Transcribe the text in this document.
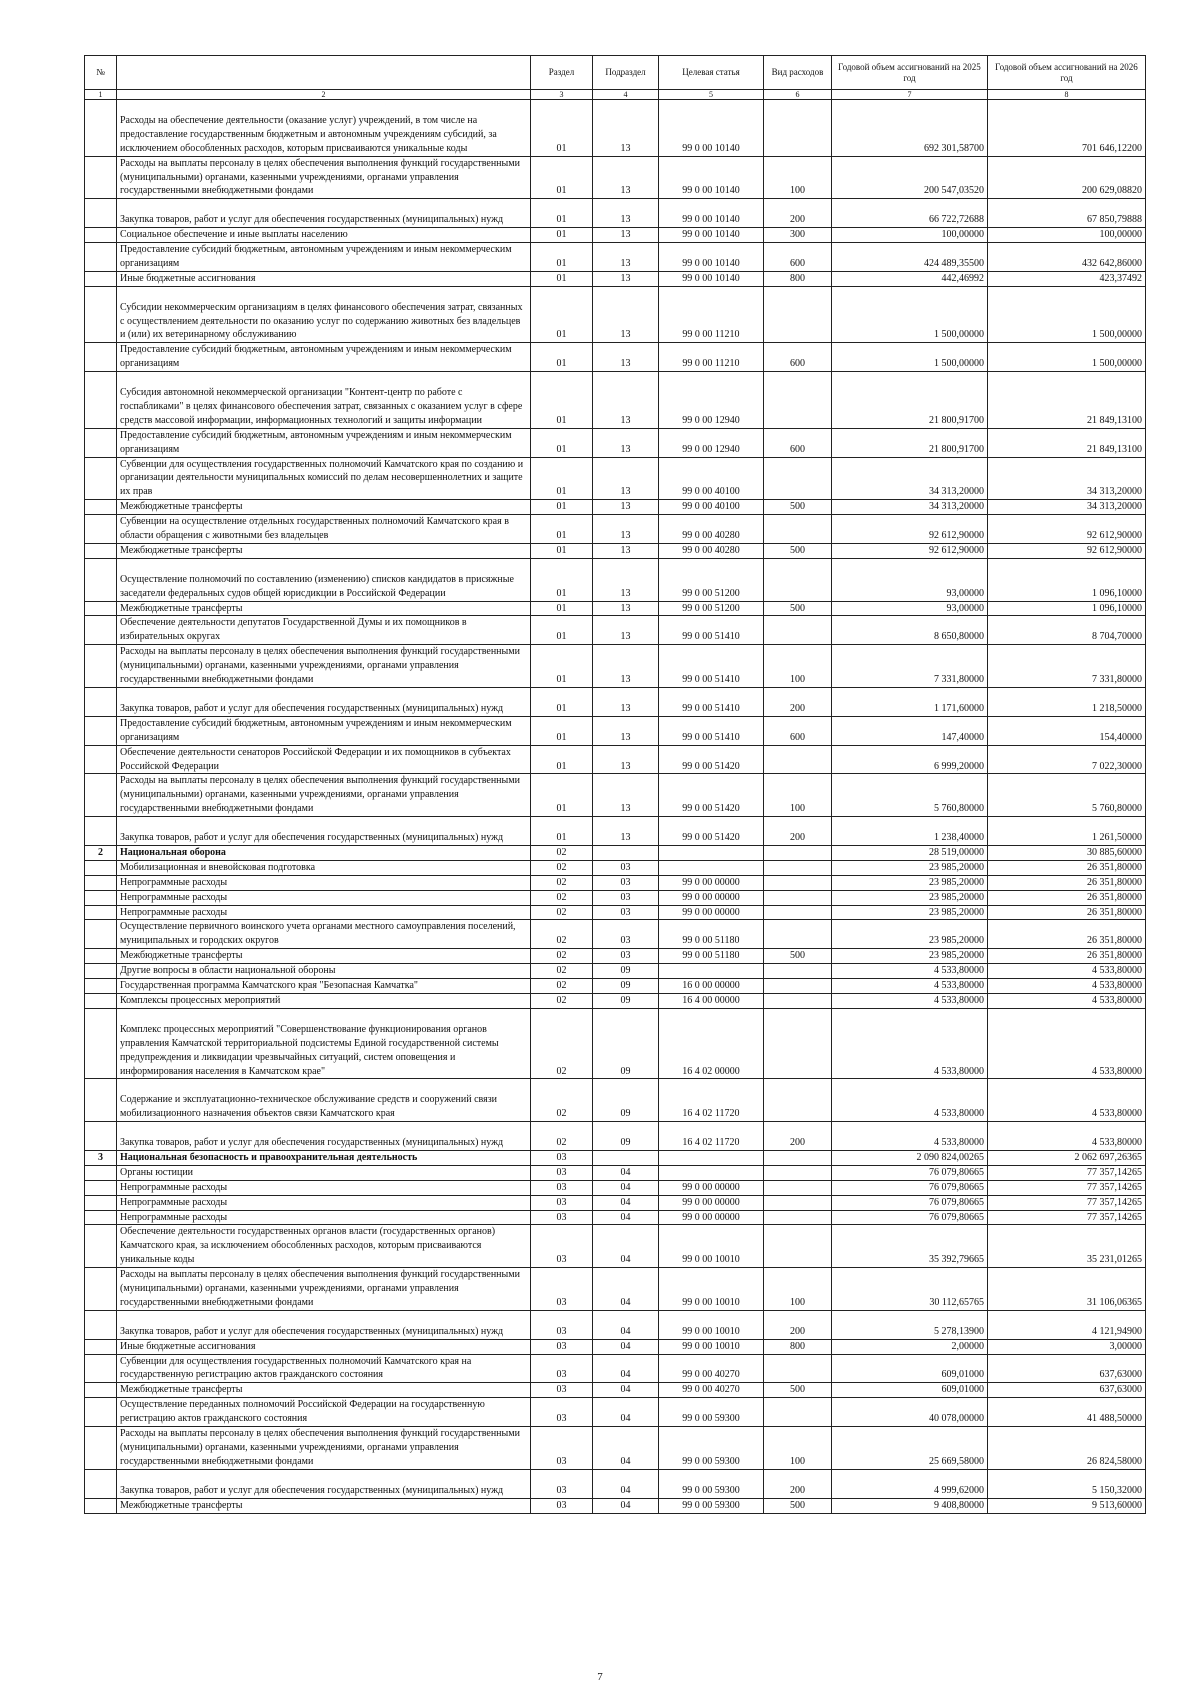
№		Раздел	Подраздел	Целевая статья	Вид расходов	Годовой объем ассигнований на 2025 год	Годовой объем ассигнований на 2026 год
1	2	3	4	5	6	7	8
	Расходы на обеспечение деятельности (оказание услуг) учреждений, в том числе на предоставление государственным бюджетным и автономным учреждениям субсидий, за исключением обособленных расходов, которым присваиваются уникальные коды	01	13	99 0 00 10140		692 301,58700	701 646,12200
	Расходы на выплаты персоналу в целях обеспечения выполнения функций государственными (муниципальными) органами, казенными учреждениями, органами управления государственными внебюджетными фондами	01	13	99 0 00 10140	100	200 547,03520	200 629,08820
	Закупка товаров, работ и услуг для обеспечения государственных (муниципальных) нужд	01	13	99 0 00 10140	200	66 722,72688	67 850,79888
	Социальное обеспечение и иные выплаты населению	01	13	99 0 00 10140	300	100,00000	100,00000
	Предоставление субсидий бюджетным, автономным учреждениям и иным некоммерческим организациям	01	13	99 0 00 10140	600	424 489,35500	432 642,86000
	Иные бюджетные ассигнования	01	13	99 0 00 10140	800	442,46992	423,37492
	Субсидии некоммерческим организациям в целях финансового обеспечения затрат, связанных с осуществлением деятельности по оказанию услуг по содержанию животных без владельцев и (или) их ветеринарному обслуживанию	01	13	99 0 00 11210		1 500,00000	1 500,00000
	Предоставление субсидий бюджетным, автономным учреждениям и иным некоммерческим организациям	01	13	99 0 00 11210	600	1 500,00000	1 500,00000
	Субсидия автономной некоммерческой организации "Контент-центр по работе с госпабликами" в целях финансового обеспечения затрат, связанных с оказанием услуг в сфере средств массовой информации, информационных технологий и защиты информации	01	13	99 0 00 12940		21 800,91700	21 849,13100
	Предоставление субсидий бюджетным, автономным учреждениям и иным некоммерческим организациям	01	13	99 0 00 12940	600	21 800,91700	21 849,13100
	Субвенции для осуществления государственных полномочий Камчатского края по созданию и организации деятельности муниципальных комиссий по делам несовершеннолетних и защите их прав	01	13	99 0 00 40100		34 313,20000	34 313,20000
	Межбюджетные трансферты	01	13	99 0 00 40100	500	34 313,20000	34 313,20000
	Субвенции на осуществление отдельных государственных полномочий Камчатского края в области обращения с животными без владельцев	01	13	99 0 00 40280		92 612,90000	92 612,90000
	Межбюджетные трансферты	01	13	99 0 00 40280	500	92 612,90000	92 612,90000
	Осуществление полномочий по составлению (изменению) списков кандидатов в присяжные заседатели федеральных судов общей юрисдикции в Российской Федерации	01	13	99 0 00 51200		93,00000	1 096,10000
	Межбюджетные трансферты	01	13	99 0 00 51200	500	93,00000	1 096,10000
	Обеспечение деятельности депутатов Государственной Думы и их помощников в избирательных округах	01	13	99 0 00 51410		8 650,80000	8 704,70000
	Расходы на выплаты персоналу в целях обеспечения выполнения функций государственными (муниципальными) органами, казенными учреждениями, органами управления государственными внебюджетными фондами	01	13	99 0 00 51410	100	7 331,80000	7 331,80000
	Закупка товаров, работ и услуг для обеспечения государственных (муниципальных) нужд	01	13	99 0 00 51410	200	1 171,60000	1 218,50000
	Предоставление субсидий бюджетным, автономным учреждениям и иным некоммерческим организациям	01	13	99 0 00 51410	600	147,40000	154,40000
	Обеспечение деятельности сенаторов Российской Федерации и их помощников в субъектах Российской Федерации	01	13	99 0 00 51420		6 999,20000	7 022,30000
	Расходы на выплаты персоналу в целях обеспечения выполнения функций государственными (муниципальными) органами, казенными учреждениями, органами управления государственными внебюджетными фондами	01	13	99 0 00 51420	100	5 760,80000	5 760,80000
	Закупка товаров, работ и услуг для обеспечения государственных (муниципальных) нужд	01	13	99 0 00 51420	200	1 238,40000	1 261,50000
2	Национальная оборона	02				28 519,00000	30 885,60000
	Мобилизационная и вневойсковая подготовка	02	03			23 985,20000	26 351,80000
	Непрограммные расходы	02	03	99 0 00 00000		23 985,20000	26 351,80000
	Непрограммные расходы	02	03	99 0 00 00000		23 985,20000	26 351,80000
	Непрограммные расходы	02	03	99 0 00 00000		23 985,20000	26 351,80000
	Осуществление первичного воинского учета органами местного самоуправления поселений, муниципальных и городских округов	02	03	99 0 00 51180		23 985,20000	26 351,80000
	Межбюджетные трансферты	02	03	99 0 00 51180	500	23 985,20000	26 351,80000
	Другие вопросы в области национальной обороны	02	09			4 533,80000	4 533,80000
	Государственная программа Камчатского края "Безопасная Камчатка"	02	09	16 0 00 00000		4 533,80000	4 533,80000
	Комплексы процессных мероприятий	02	09	16 4 00 00000		4 533,80000	4 533,80000
	Комплекс процессных мероприятий "Совершенствование функционирования органов управления Камчатской территориальной подсистемы Единой государственной системы предупреждения и ликвидации чрезвычайных ситуаций, систем оповещения и информирования населения в Камчатском крае"	02	09	16 4 02 00000		4 533,80000	4 533,80000
	Содержание и эксплуатационно-техническое обслуживание средств и сооружений связи мобилизационного назначения объектов связи Камчатского края	02	09	16 4 02 11720		4 533,80000	4 533,80000
	Закупка товаров, работ и услуг для обеспечения государственных (муниципальных) нужд	02	09	16 4 02 11720	200	4 533,80000	4 533,80000
3	Национальная безопасность и правоохранительная деятельность	03				2 090 824,00265	2 062 697,26365
	Органы юстиции	03	04			76 079,80665	77 357,14265
	Непрограммные расходы	03	04	99 0 00 00000		76 079,80665	77 357,14265
	Непрограммные расходы	03	04	99 0 00 00000		76 079,80665	77 357,14265
	Непрограммные расходы	03	04	99 0 00 00000		76 079,80665	77 357,14265
	Обеспечение деятельности государственных органов власти (государственных органов) Камчатского края, за исключением обособленных расходов, которым присваиваются уникальные коды	03	04	99 0 00 10010		35 392,79665	35 231,01265
	Расходы на выплаты персоналу в целях обеспечения выполнения функций государственными (муниципальными) органами, казенными учреждениями, органами управления государственными внебюджетными фондами	03	04	99 0 00 10010	100	30 112,65765	31 106,06365
	Закупка товаров, работ и услуг для обеспечения государственных (муниципальных) нужд	03	04	99 0 00 10010	200	5 278,13900	4 121,94900
	Иные бюджетные ассигнования	03	04	99 0 00 10010	800	2,00000	3,00000
	Субвенции для осуществления государственных полномочий Камчатского края на государственную регистрацию актов гражданского состояния	03	04	99 0 00 40270		609,01000	637,63000
	Межбюджетные трансферты	03	04	99 0 00 40270	500	609,01000	637,63000
	Осуществление переданных полномочий Российской Федерации на государственную регистрацию актов гражданского состояния	03	04	99 0 00 59300		40 078,00000	41 488,50000
	Расходы на выплаты персоналу в целях обеспечения выполнения функций государственными (муниципальными) органами, казенными учреждениями, органами управления государственными внебюджетными фондами	03	04	99 0 00 59300	100	25 669,58000	26 824,58000
	Закупка товаров, работ и услуг для обеспечения государственных (муниципальных) нужд	03	04	99 0 00 59300	200	4 999,62000	5 150,32000
	Межбюджетные трансферты	03	04	99 0 00 59300	500	9 408,80000	9 513,60000
7
